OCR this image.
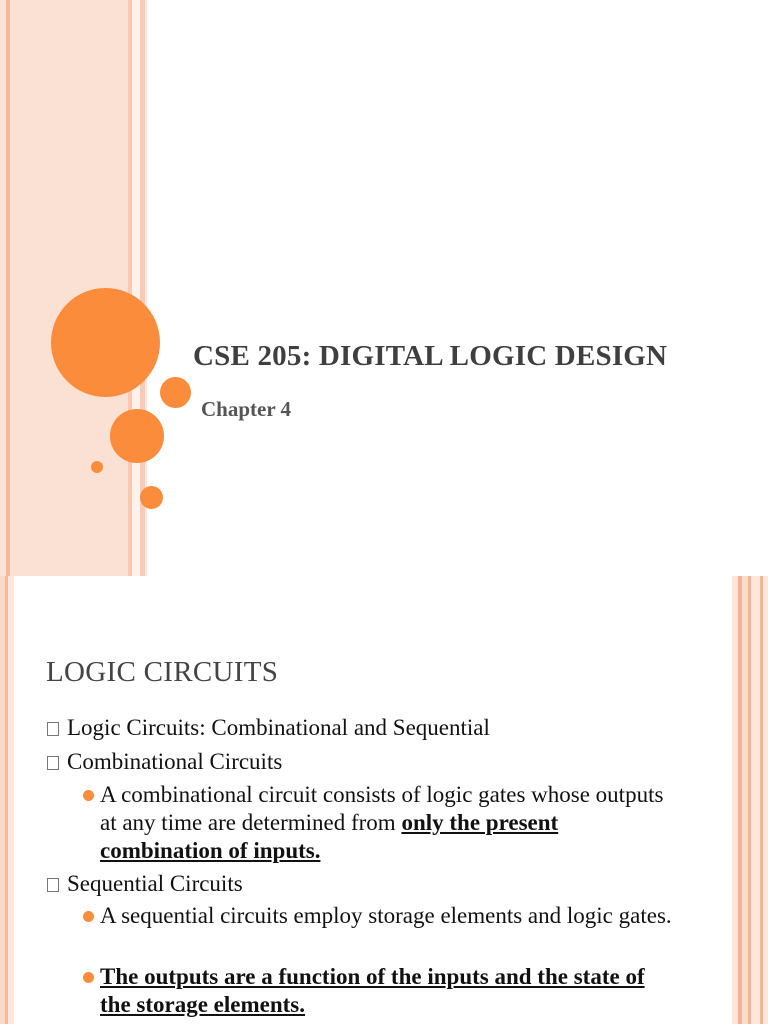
CSE 205: DIGITAL LOGIC DESIGN
Chapter 4
LOGIC CIRCUITS
Logic Circuits: Combinational and Sequential
Combinational Circuits
A combinational circuit consists of logic gates whose outputs at any time are determined from only the present combination of inputs.
Sequential Circuits
A sequential circuits employ storage elements and logic gates.
The outputs are a function of the inputs and the state of the storage elements.
